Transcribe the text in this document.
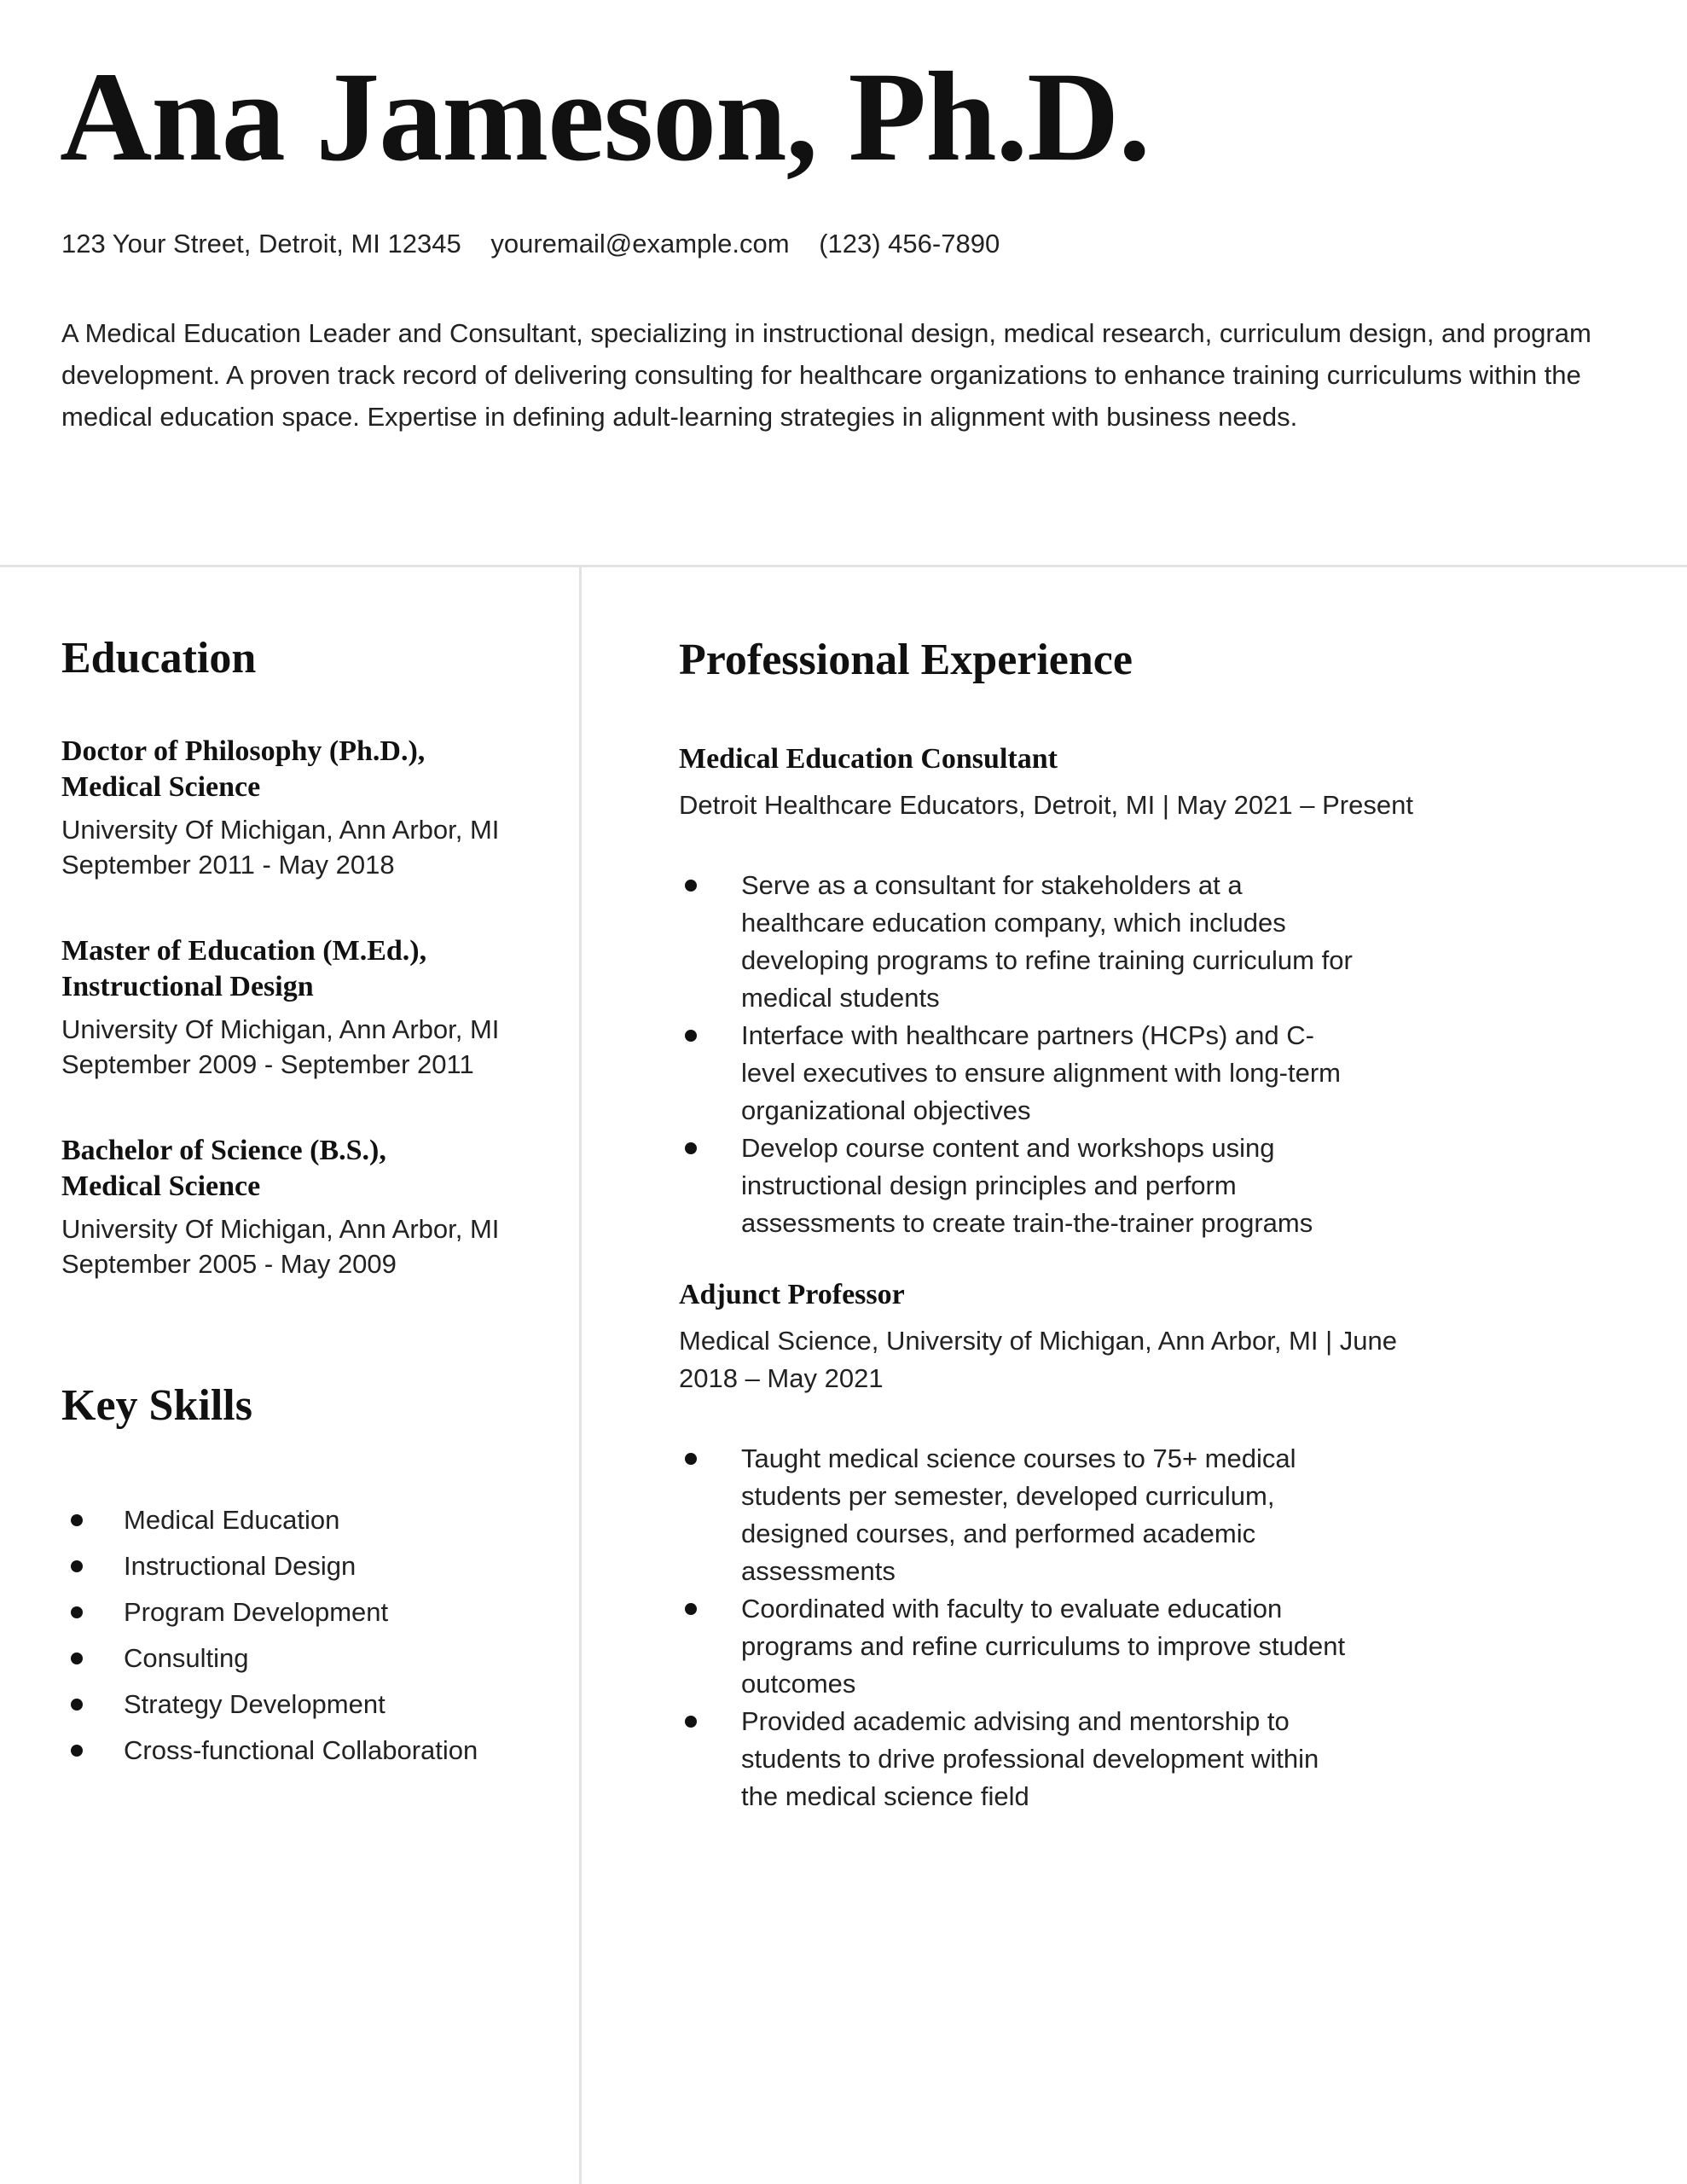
Ana Jameson, Ph.D.
123 Your Street, Detroit, MI 12345 youremail@example.com (123) 456-7890
A Medical Education Leader and Consultant, specializing in instructional design, medical research, curriculum design, and program development. A proven track record of delivering consulting for healthcare organizations to enhance training curriculums within the medical education space. Expertise in defining adult-learning strategies in alignment with business needs.
Education
Doctor of Philosophy (Ph.D.),
Medical Science
University Of Michigan, Ann Arbor, MI
September 2011 - May 2018
Master of Education (M.Ed.),
Instructional Design
University Of Michigan, Ann Arbor, MI
September 2009 - September 2011
Bachelor of Science (B.S.),
Medical Science
University Of Michigan, Ann Arbor, MI
September 2005 - May 2009
Key Skills
Medical Education
Instructional Design
Program Development
Consulting
Strategy Development
Cross-functional Collaboration
Professional Experience
Medical Education Consultant
Detroit Healthcare Educators, Detroit, MI | May 2021 – Present
Serve as a consultant for stakeholders at a healthcare education company, which includes developing programs to refine training curriculum for medical students
Interface with healthcare partners (HCPs) and C-level executives to ensure alignment with long-term organizational objectives
Develop course content and workshops using instructional design principles and perform assessments to create train-the-trainer programs
Adjunct Professor
Medical Science, University of Michigan, Ann Arbor, MI | June 2018 – May 2021
Taught medical science courses to 75+ medical students per semester, developed curriculum, designed courses, and performed academic assessments
Coordinated with faculty to evaluate education programs and refine curriculums to improve student outcomes
Provided academic advising and mentorship to students to drive professional development within the medical science field
